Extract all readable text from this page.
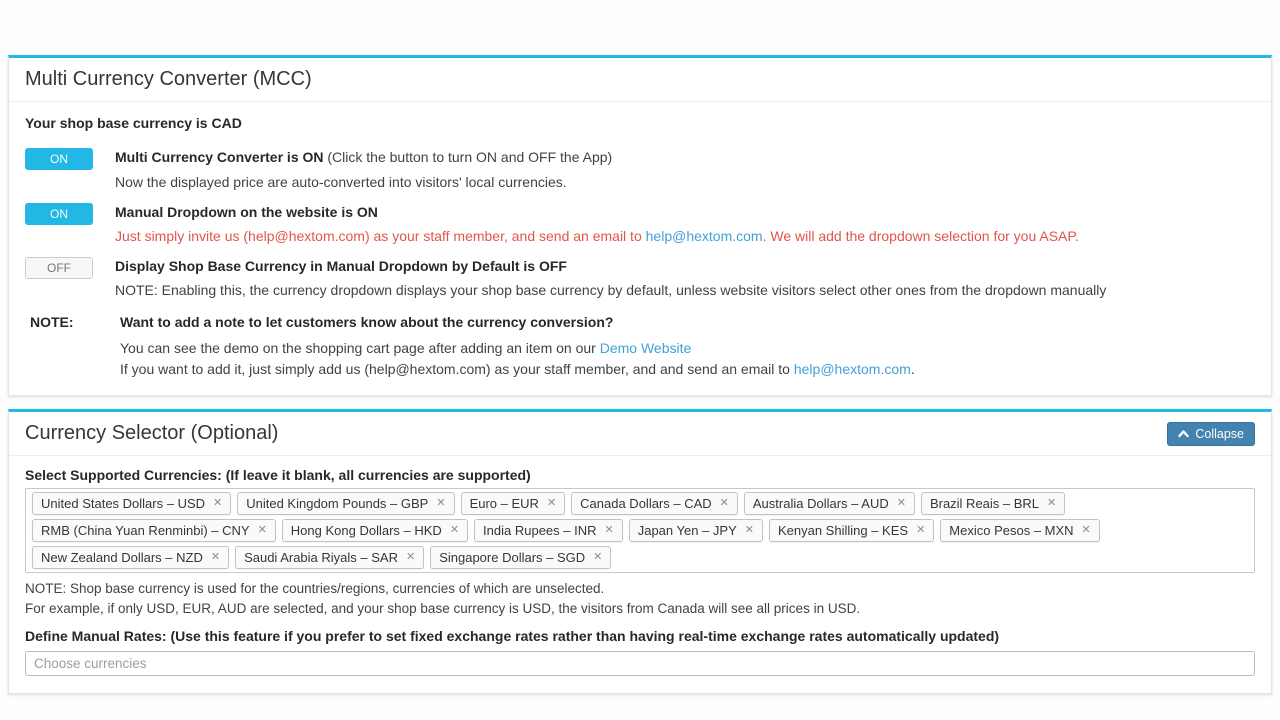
Multi Currency Converter (MCC)
Your shop base currency is CAD
ON	Multi Currency Converter is ON (Click the button to turn ON and OFF the App)
Now the displayed price are auto-converted into visitors' local currencies.
ON	Manual Dropdown on the website is ON
Just simply invite us (help@hextom.com) as your staff member, and send an email to help@hextom.com. We will add the dropdown selection for you ASAP.
OFF	Display Shop Base Currency in Manual Dropdown by Default is OFF
NOTE: Enabling this, the currency dropdown displays your shop base currency by default, unless website visitors select other ones from the dropdown manually
NOTE:	Want to add a note to let customers know about the currency conversion?
You can see the demo on the shopping cart page after adding an item on our Demo Website
If you want to add it, just simply add us (help@hextom.com) as your staff member, and and send an email to help@hextom.com.
Currency Selector (Optional)	Collapse
Select Supported Currencies: (If leave it blank, all currencies are supported)
United States Dollars – USD ✕ United Kingdom Pounds – GBP ✕ Euro – EUR ✕ Canada Dollars – CAD ✕ Australia Dollars – AUD ✕ Brazil Reais – BRL ✕
RMB (China Yuan Renminbi) – CNY ✕ Hong Kong Dollars – HKD ✕ India Rupees – INR ✕ Japan Yen – JPY ✕ Kenyan Shilling – KES ✕ Mexico Pesos – MXN ✕
New Zealand Dollars – NZD ✕ Saudi Arabia Riyals – SAR ✕ Singapore Dollars – SGD ✕
NOTE: Shop base currency is used for the countries/regions, currencies of which are unselected.
For example, if only USD, EUR, AUD are selected, and your shop base currency is USD, the visitors from Canada will see all prices in USD.
Define Manual Rates: (Use this feature if you prefer to set fixed exchange rates rather than having real-time exchange rates automatically updated)
Choose currencies
